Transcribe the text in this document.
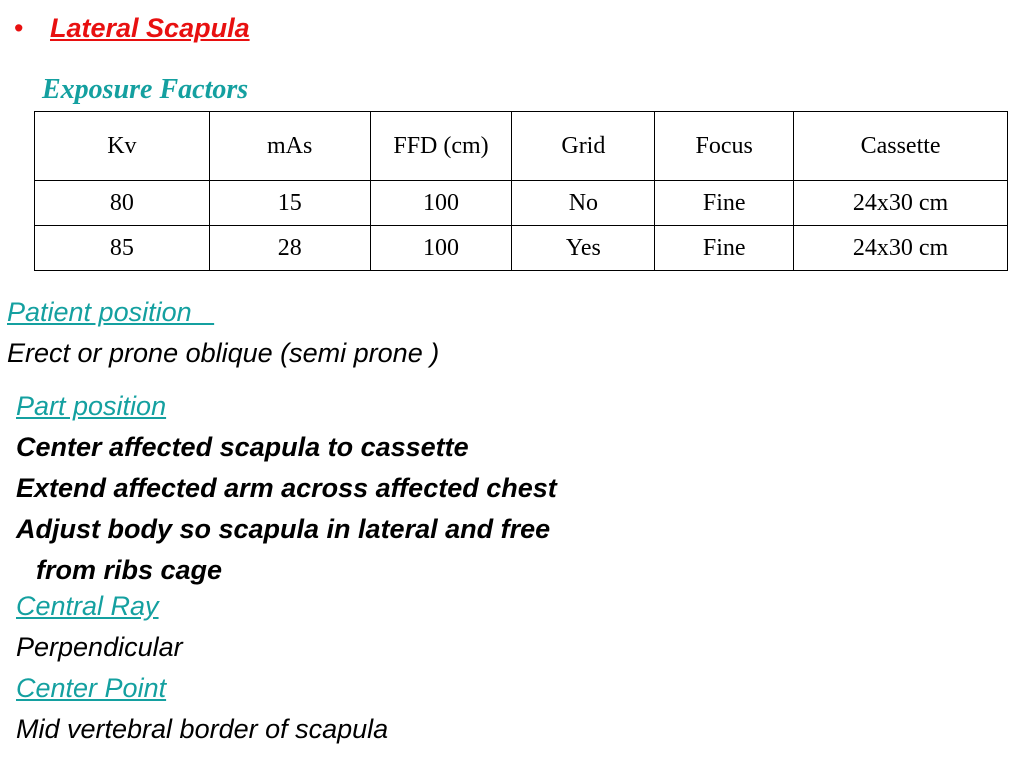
• Lateral Scapula
Exposure Factors
Kv	mAs	FFD (cm)	Grid	Focus	Cassette
80	15	100	No	Fine	24x30 cm
85	28	100	Yes	Fine	24x30 cm
Patient position _
Erect or prone oblique (semi prone )
Part position
Center affected scapula to cassette
Extend affected arm across affected chest
Adjust body so scapula in lateral and free
from ribs cage
Central Ray
Perpendicular
Center Point
Mid vertebral border of scapula
